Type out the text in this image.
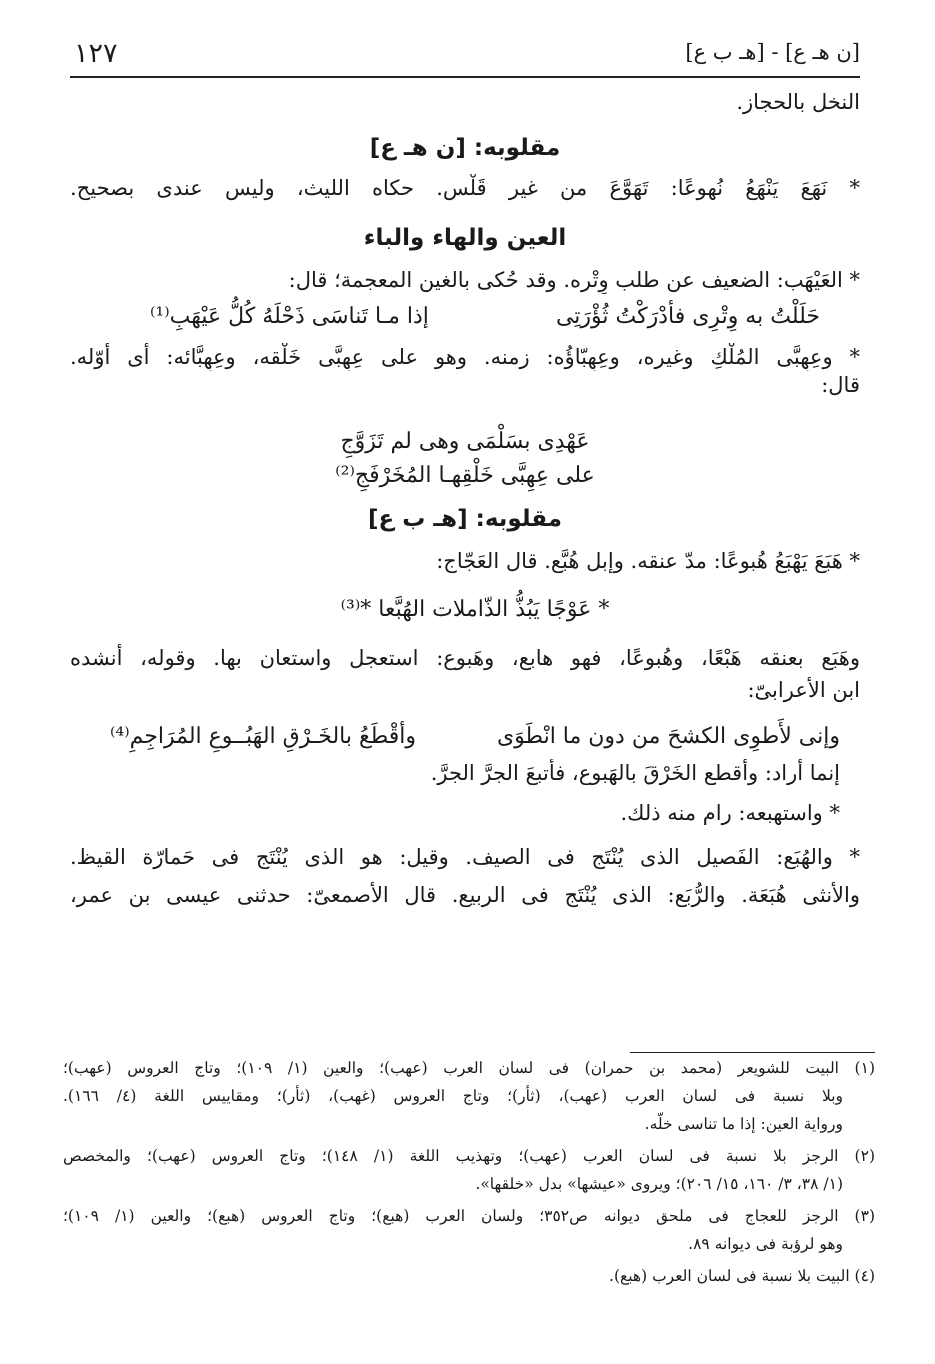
١٢٧	[ن هـ ع] - [هـ ب ع]

النخل بالحجاز.

مقلوبه: [ن هـ ع]

* نَهَعَ يَنْهَعُ نُهوعًا: تَهَوَّعَ من غير قَلْس. حكاه الليث، وليس عندى بصحيح.

العين والهاء والباء

* العَيْهَب: الضعيف عن طلب وِتْره. وقد حُكى بالغين المعجمة؛ قال:

حَلَلْتُ به وِتْرِى فأدْرَكْتُ ثُؤْرَتِى
إذا مـا تَناسَى ذَحْلَهُ كُلُّ عَيْهَبِ⁽¹⁾

* وعِهِبَّى المُلْكِ وغيره، وعِهِبّاؤُه: زمنه. وهو على عِهِبَّى خَلْقه، وعِهِبَّائه: أى أوّله.

قال:

عَهْدِى بسَلْمَى وهى لم تَزَوَّجِ

على عِهِبَّى خَلْقِهـا المُخَرْفَجِ⁽²⁾

مقلوبه: [هـ ب ع]

* هَبَعَ يَهْبَعُ هُبوعًا: مدّ عنقه. وإبل هُبَّع. قال العَجّاج:

* عَوْجًا يَبُذُّ الذّاملات الهُبَّعا *⁽³⁾

وهَبَع بعنقه هَبْعًا، وهُبوعًا، فهو هابع، وهَبوع: استعجل واستعان بها. وقوله، أنشده

ابن الأعرابىّ:

وإنى لأَطوِى الكشحَ من دون ما انْطَوَى
وأقْطَعُ بالخَـرْقِ الهَبُــوعِ المُرَاجِمِ⁽⁴⁾

إنما أراد: وأقطع الخَرْقَ بالهَبوع، فأتبعَ الجرَّ الجرَّ.

* واستهبعه: رام منه ذلك.

* والهُبَع: الفَصيل الذى يُنْتَج فى الصيف. وقيل: هو الذى يُنْتَج فى حَمارّة القيظ.

والأنثى هُبَعَة. والرُّبَع: الذى يُنْتَج فى الربيع. قال الأصمعىّ: حدثنى عيسى بن عمر،

(١) البيت للشويعر (محمد بن حمران) فى لسان العرب (عهب)؛ والعين (١/ ١٠٩)؛ وتاج العروس (عهب)؛

وبلا نسبة فى لسان العرب (عهب)، (ثأر)؛ وتاج العروس (غهب)، (ثأر)؛ ومقاييس اللغة (٤/ ١٦٦).

ورواية العين: إذا ما تناسى خلّه.

(٢) الرجز بلا نسبة فى لسان العرب (عهب)؛ وتهذيب اللغة (١/ ١٤٨)؛ وتاج العروس (عهب)؛ والمخصص

(١/ ٣٨، ٣/ ١٦٠، ١٥/ ٢٠٦)؛ ويروى «عيشها» بدل «خلقها».

(٣) الرجز للعجاج فى ملحق ديوانه ص٣٥٢؛ ولسان العرب (هبع)؛ وتاج العروس (هبع)؛ والعين (١/ ١٠٩)؛

وهو لرؤبة فى ديوانه ٨٩.

(٤) البيت بلا نسبة فى لسان العرب (هبع).
